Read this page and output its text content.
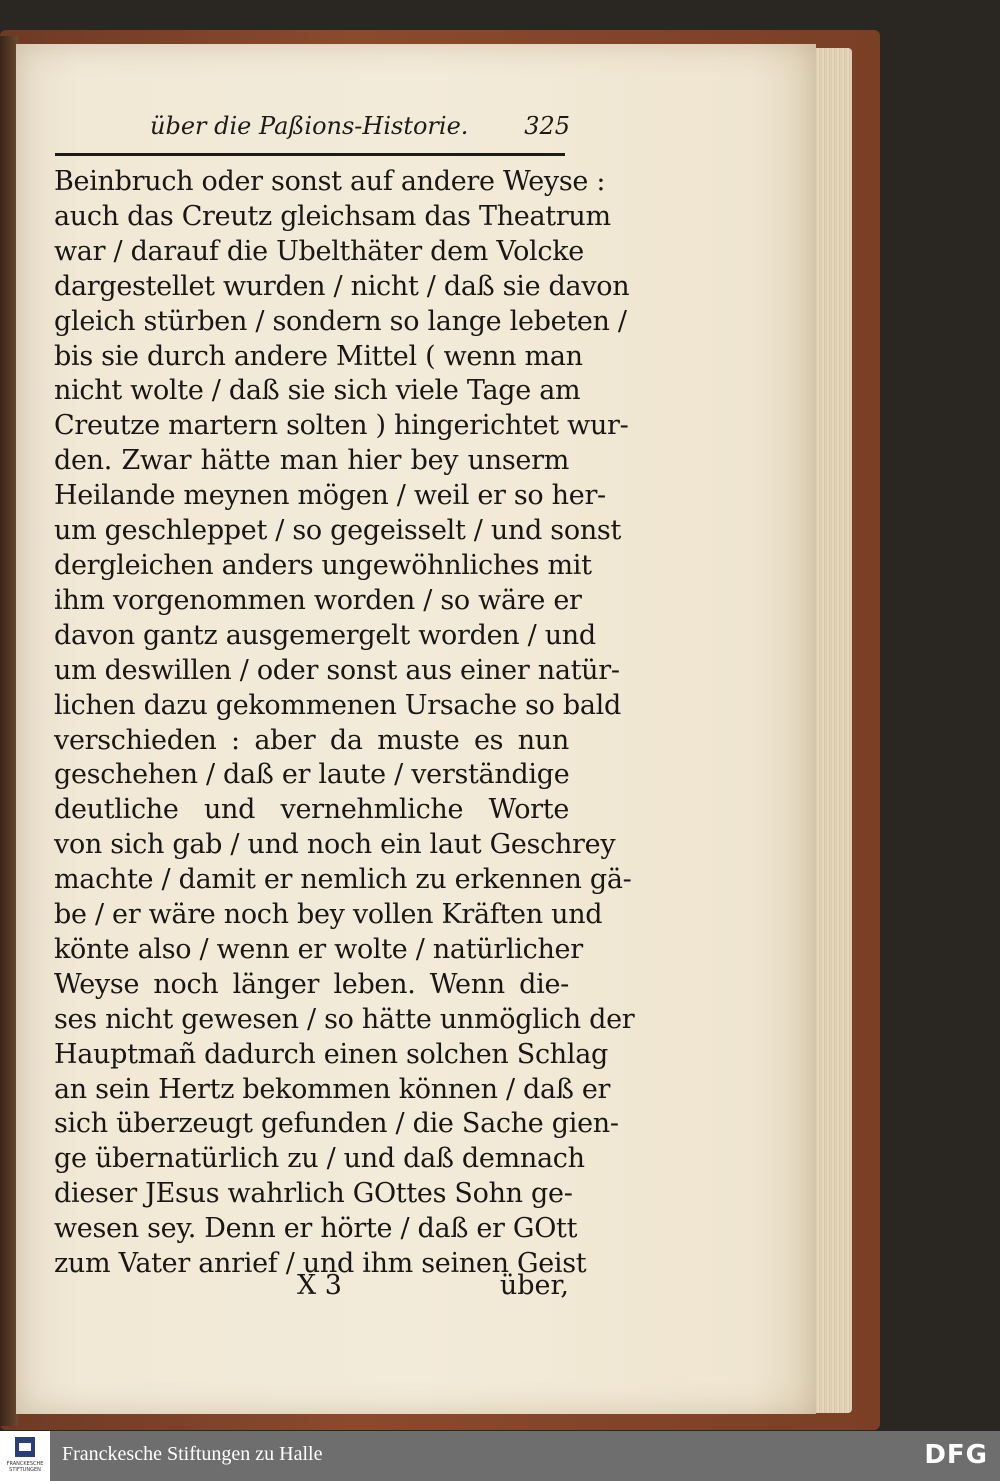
über die Paßions-Historie. 325
Beinbruch oder sonst auf andere Weyse :
auch das Creutz gleichsam das Theatrum
war / darauf die Ubelthäter dem Volcke
dargestellet wurden / nicht / daß sie davon
gleich stürben / sondern so lange lebeten /
bis sie durch andere Mittel ( wenn man
nicht wolte / daß sie sich viele Tage am
Creutze martern solten ) hingerichtet wur-
den. Zwar hätte man hier bey unserm
Heilande meynen mögen / weil er so her-
um geschleppet / so gegeisselt / und sonst
dergleichen anders ungewöhnliches mit
ihm vorgenommen worden / so wäre er
davon gantz ausgemergelt worden / und
um deswillen / oder sonst aus einer natür-
lichen dazu gekommenen Ursache so bald
verschieden : aber da muste es nun
geschehen / daß er laute / verständige
deutliche und vernehmliche Worte
von sich gab / und noch ein laut Geschrey
machte / damit er nemlich zu erkennen gä-
be / er wäre noch bey vollen Kräften und
könte also / wenn er wolte / natürlicher
Weyse noch länger leben. Wenn die-
ses nicht gewesen / so hätte unmöglich der
Hauptmañ dadurch einen solchen Schlag
an sein Hertz bekommen können / daß er
sich überzeugt gefunden / die Sache gien-
ge übernatürlich zu / und daß demnach
dieser JEsus wahrlich GOttes Sohn ge-
wesen sey. Denn er hörte / daß er GOtt
zum Vater anrief / und ihm seinen Geist
X 3	über,
FRANCKESCHE STIFTUNGEN
Franckesche Stiftungen zu Halle	DFG
